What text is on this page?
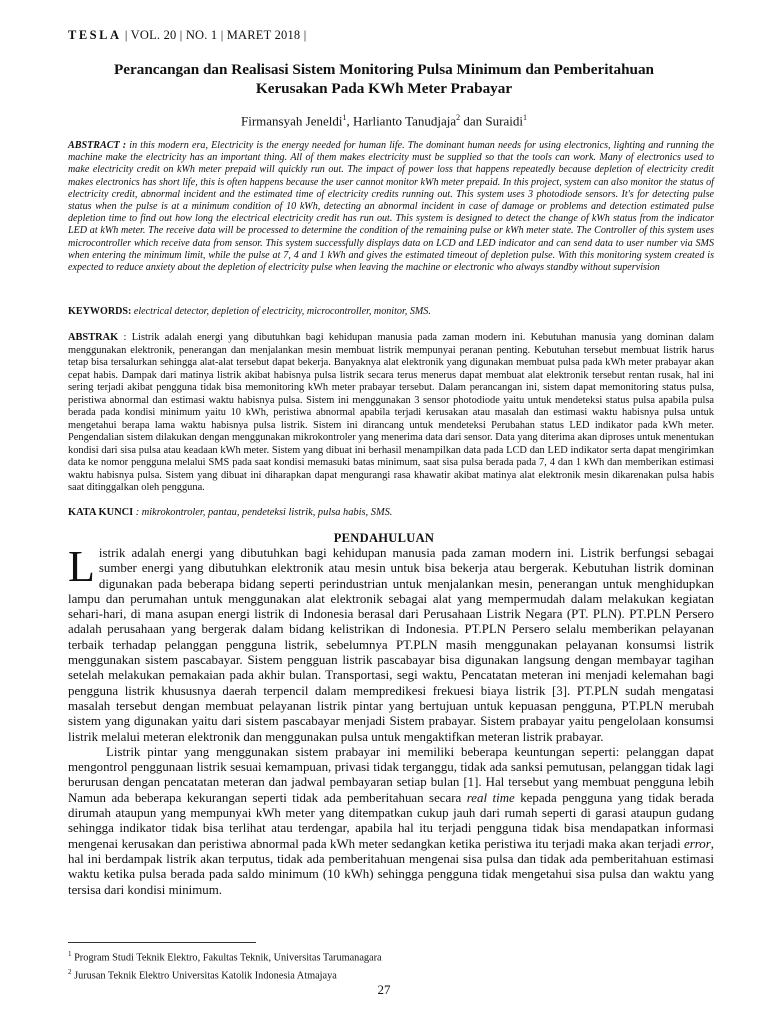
TESLA | VOL. 20 | NO. 1 | MARET 2018 |
Perancangan dan Realisasi Sistem Monitoring Pulsa Minimum dan Pemberitahuan
Kerusakan Pada KWh Meter Prabayar
Firmansyah Jeneldi$^1$, Harlianto Tanudjaja$^2$ dan Suraidi$^1$
ABSTRACT : in this modern era, Electricity is the energy needed for human life. The dominant human needs for using electronics, lighting and running the machine make the electricity has an important thing. All of them makes electricity must be supplied so that the tools can work. Many of electronics used to make electricity credit on kWh meter prepaid will quickly run out. The impact of power loss that happens repeatedly because depletion of electricity credit makes electronics has short life, this is often happens because the user cannot monitor kWh meter prepaid. In this project, system can also monitor the status of electricity credit, abnormal incident and the estimated time of electricity credits running out. This system uses 3 photodiode sensors. It's for detecting pulse status when the pulse is at a minimum condition of 10 kWh, detecting an abnormal incident in case of damage or problems and detection estimated pulse depletion time to find out how long the electrical electricity credit has run out. This system is designed to detect the change of kWh status from the indicator LED at kWh meter. The receive data will be processed to determine the condition of the remaining pulse or kWh meter state. The Controller of this system uses microcontroller which receive data from sensor. This system successfully displays data on LCD and LED indicator and can send data to user number via SMS when entering the minimum limit, while the pulse at 7, 4 and 1 kWh and gives the estimated timeout of depletion pulse. With this monitoring system created is expected to reduce anxiety about the depletion of electricity pulse when leaving the machine or electronic who always standby without supervision
KEYWORDS: electrical detector, depletion of electricity, microcontroller, monitor, SMS.
ABSTRAK : Listrik adalah energi yang dibutuhkan bagi kehidupan manusia pada zaman modern ini. Kebutuhan manusia yang dominan dalam menggunakan elektronik, penerangan dan menjalankan mesin membuat listrik mempunyai peranan penting. Kebutuhan tersebut membuat listrik harus tetap bisa tersalurkan sehingga alat-alat tersebut dapat bekerja. Banyaknya alat elektronik yang digunakan membuat pulsa pada kWh meter prabayar akan cepat habis. Dampak dari matinya listrik akibat habisnya pulsa listrik secara terus menerus dapat membuat alat elektronik tersebut rentan rusak, hal ini sering terjadi akibat pengguna tidak bisa memonitoring kWh meter prabayar tersebut. Dalam perancangan ini, sistem dapat memonitoring status pulsa, peristiwa abnormal dan estimasi waktu habisnya pulsa. Sistem ini menggunakan 3 sensor photodiode yaitu untuk mendeteksi status pulsa apabila pulsa berada pada kondisi minimum yaitu 10 kWh, peristiwa abnormal apabila terjadi kerusakan atau masalah dan estimasi waktu habisnya pulsa untuk mengetahui berapa lama waktu habisnya pulsa listrik. Sistem ini dirancang untuk mendeteksi Perubahan status LED indikator pada kWh meter. Pengendalian sistem dilakukan dengan menggunakan mikrokontroler yang menerima data dari sensor. Data yang diterima akan diproses untuk menentukan kondisi dari sisa pulsa atau keadaan kWh meter. Sistem yang dibuat ini berhasil menampilkan data pada LCD dan LED indikator serta dapat mengirimkan data ke nomor pengguna melalui SMS pada saat kondisi memasuki batas minimum, saat sisa pulsa berada pada 7, 4 dan 1 kWh dan memberikan estimasi waktu habisnya pulsa. Sistem yang dibuat ini diharapkan dapat mengurangi rasa khawatir akibat matinya alat elektronik mesin dikarenakan pulsa habis saat ditinggalkan oleh pengguna.
KATA KUNCI : mikrokontroler, pantau, pendeteksi listrik, pulsa habis, SMS.
PENDAHULUAN

Listrik adalah energi yang dibutuhkan bagi kehidupan manusia pada zaman modern ini. Listrik berfungsi sebagai sumber energi yang dibutuhkan elektronik atau mesin untuk bisa bekerja atau bergerak. Kebutuhan listrik dominan digunakan pada beberapa bidang seperti perindustrian untuk menjalankan mesin, penerangan untuk menghidupkan lampu dan perumahan untuk menggunakan alat elektronik sebagai alat yang mempermudah dalam melakukan kegiatan sehari-hari, di mana asupan energi listrik di Indonesia berasal dari Perusahaan Listrik Negara (PT. PLN). PT.PLN Persero adalah perusahaan yang bergerak dalam bidang kelistrikan di Indonesia. PT.PLN Persero selalu memberikan pelayanan terbaik terhadap pelanggan pengguna listrik, sebelumnya PT.PLN masih menggunakan pelayanan konsumsi listrik menggunakan sistem pascabayar. Sistem pengguan listrik pascabayar bisa digunakan langsung dengan membayar tagihan setelah melakukan pemakaian pada akhir bulan. Transportasi, segi waktu, Pencatatan meteran ini menjadi kelemahan bagi pengguna listrik khususnya daerah terpencil dalam mempredikesi frekuesi biaya listrik [3]. PT.PLN sudah mengatasi masalah tersebut dengan membuat pelayanan listrik pintar yang bertujuan untuk kepuasan pengguna, PT.PLN merubah sistem yang digunakan yaitu dari sistem pascabayar menjadi Sistem prabayar. Sistem prabayar yaitu pengelolaan konsumsi listrik melalui meteran elektronik dan menggunakan pulsa untuk mengaktifkan meteran listrik prabayar.

Listrik pintar yang menggunakan sistem prabayar ini memiliki beberapa keuntungan seperti: pelanggan dapat mengontrol penggunaan listrik sesuai kemampuan, privasi tidak terganggu, tidak ada sanksi pemutusan, pelanggan tidak lagi berurusan dengan pencatatan meteran dan jadwal pembayaran setiap bulan [1]. Hal tersebut yang membuat pengguna lebih Namun ada beberapa kekurangan seperti tidak ada pemberitahuan secara real time kepada pengguna yang tidak berada dirumah ataupun yang mempunyai kWh meter yang ditempatkan cukup jauh dari rumah seperti di garasi ataupun gudang sehingga indikator tidak bisa terlihat atau terdengar, apabila hal itu terjadi pengguna tidak bisa mendapatkan informasi mengenai kerusakan dan peristiwa abnormal pada kWh meter sedangkan ketika peristiwa itu terjadi maka akan terjadi error, hal ini berdampak listrik akan terputus, tidak ada pemberitahuan mengenai sisa pulsa dan tidak ada pemberitahuan estimasi waktu ketika pulsa berada pada saldo minimum (10 kWh) sehingga pengguna tidak mengetahui sisa pulsa dan waktu yang tersisa dari kondisi minimum.

$^1$ Program Studi Teknik Elektro, Fakultas Teknik, Universitas Tarumanagara
$^2$ Jurusan Teknik Elektro Universitas Katolik Indonesia Atmajaya
27
